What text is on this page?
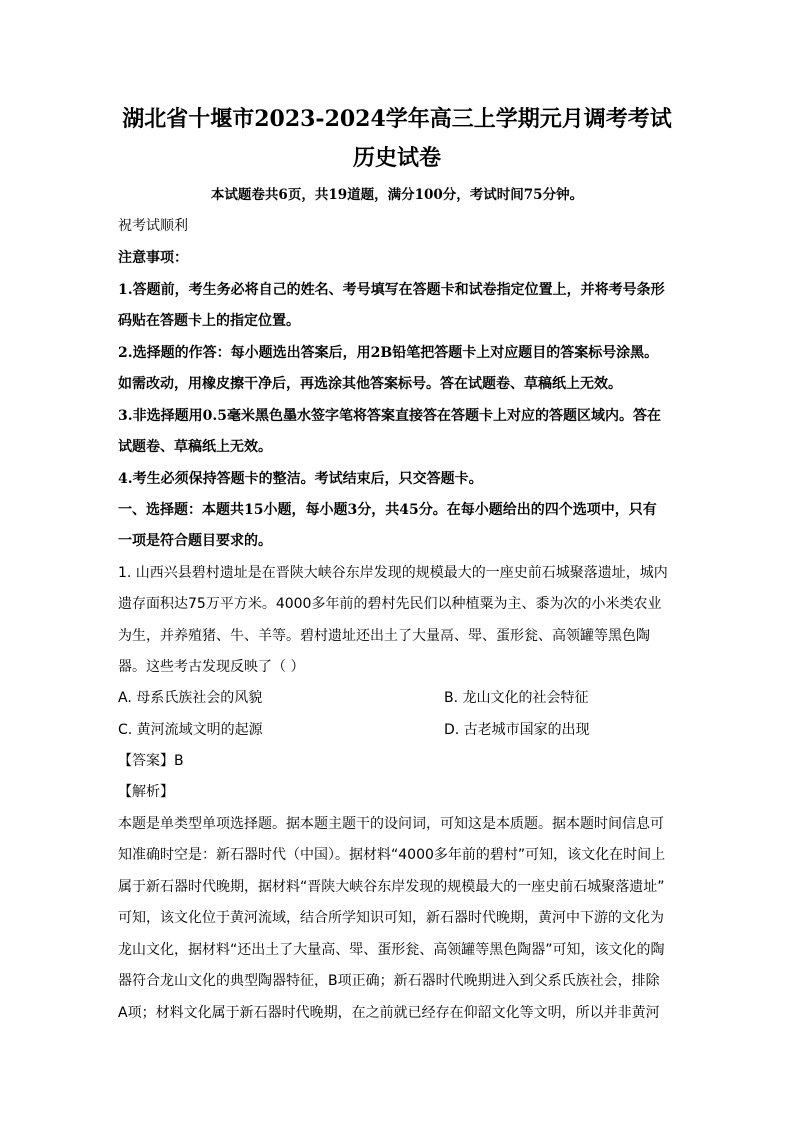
湖北省十堰市2023-2024学年高三上学期元月调考考试
历史试卷
本试题卷共6页，共19道题，满分100分，考试时间75分钟。
祝考试顺利
注意事项：
1.答题前，考生务必将自己的姓名、考号填写在答题卡和试卷指定位置上，并将考号条形
码贴在答题卡上的指定位置。
2.选择题的作答：每小题选出答案后，用2B铅笔把答题卡上对应题目的答案标号涂黑。
如需改动，用橡皮擦干净后，再选涂其他答案标号。答在试题卷、草稿纸上无效。
3.非选择题用0.5毫米黑色墨水签字笔将答案直接答在答题卡上对应的答题区域内。答在
试题卷、草稿纸上无效。
4.考生必须保持答题卡的整洁。考试结束后，只交答题卡。
一、选择题：本题共15小题，每小题3分，共45分。在每小题给出的四个选项中，只有
一项是符合题目要求的。
1. 山西兴县碧村遗址是在晋陕大峡谷东岸发现的规模最大的一座史前石城聚落遗址，城内
遗存面积达75万平方米。4000多年前的碧村先民们以种植粟为主、黍为次的小米类农业
为生，并养殖猪、牛、羊等。碧村遗址还出土了大量鬲、斝、蛋形瓮、高领罐等黑色陶
器。这些考古发现反映了（ ）
A. 母系氏族社会的风貌	B. 龙山文化的社会特征
C. 黄河流域文明的起源	D. 古老城市国家的出现
【答案】B
【解析】
本题是单类型单项选择题。据本题主题干的设问词，可知这是本质题。据本题时间信息可
知准确时空是：新石器时代（中国）。据材料“4000多年前的碧村”可知，该文化在时间上
属于新石器时代晚期，据材料“晋陕大峡谷东岸发现的规模最大的一座史前石城聚落遗址”
可知，该文化位于黄河流域，结合所学知识可知，新石器时代晚期，黄河中下游的文化为
龙山文化，据材料“还出土了大量高、斝、蛋形瓮、高领罐等黑色陶器”可知，该文化的陶
器符合龙山文化的典型陶器特征，B项正确；新石器时代晚期进入到父系氏族社会，排除
A项；材料文化属于新石器时代晚期，在之前就已经存在仰韶文化等文明，所以并非黄河
